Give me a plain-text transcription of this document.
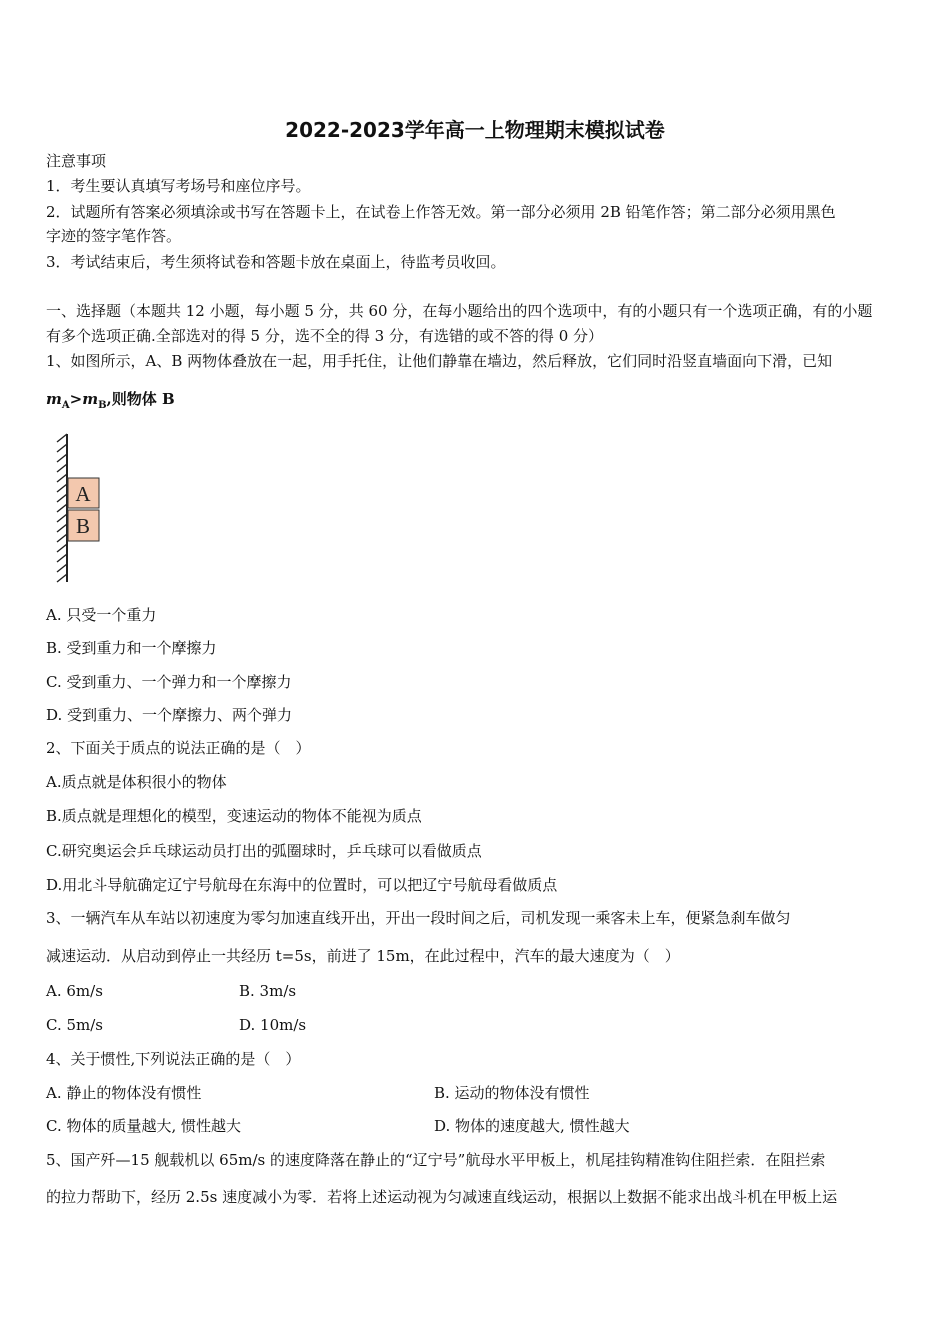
2022-2023学年高一上物理期末模拟试卷
注意事项
1．考生要认真填写考场号和座位序号。
2．试题所有答案必须填涂或书写在答题卡上，在试卷上作答无效。第一部分必须用 2B 铅笔作答；第二部分必须用黑色
字迹的签字笔作答。
3．考试结束后，考生须将试卷和答题卡放在桌面上，待监考员收回。
一、选择题（本题共 12 小题，每小题 5 分，共 60 分，在每小题给出的四个选项中，有的小题只有一个选项正确，有的小题
有多个选项正确.全部选对的得 5 分，选不全的得 3 分，有选错的或不答的得 0 分）
1、如图所示，A、B 两物体叠放在一起，用手托住，让他们静靠在墙边，然后释放，它们同时沿竖直墙面向下滑，已知
$m_A>m_B$,则物体 B
A
B
A. 只受一个重力
B. 受到重力和一个摩擦力
C. 受到重力、一个弹力和一个摩擦力
D. 受到重力、一个摩擦力、两个弹力
2、下面关于质点的说法正确的是（　）
A.质点就是体积很小的物体
B.质点就是理想化的模型，变速运动的物体不能视为质点
C.研究奥运会乒乓球运动员打出的弧圈球时，乒乓球可以看做质点
D.用北斗导航确定辽宁号航母在东海中的位置时，可以把辽宁号航母看做质点
3、一辆汽车从车站以初速度为零匀加速直线开出，开出一段时间之后，司机发现一乘客未上车，便紧急刹车做匀
减速运动．从启动到停止一共经历 t=5s，前进了 15m，在此过程中，汽车的最大速度为（　）
A. 6m/s	B. 3m/s
C. 5m/s	D. 10m/s
4、关于惯性,下列说法正确的是（　）
A. 静止的物体没有惯性	B. 运动的物体没有惯性
C. 物体的质量越大, 惯性越大	D. 物体的速度越大, 惯性越大
5、国产歼—15 舰载机以 65m/s 的速度降落在静止的“辽宁号”航母水平甲板上，机尾挂钩精准钩住阻拦索．在阻拦索
的拉力帮助下，经历 2.5s 速度减小为零．若将上述运动视为匀减速直线运动，根据以上数据不能求出战斗机在甲板上运
